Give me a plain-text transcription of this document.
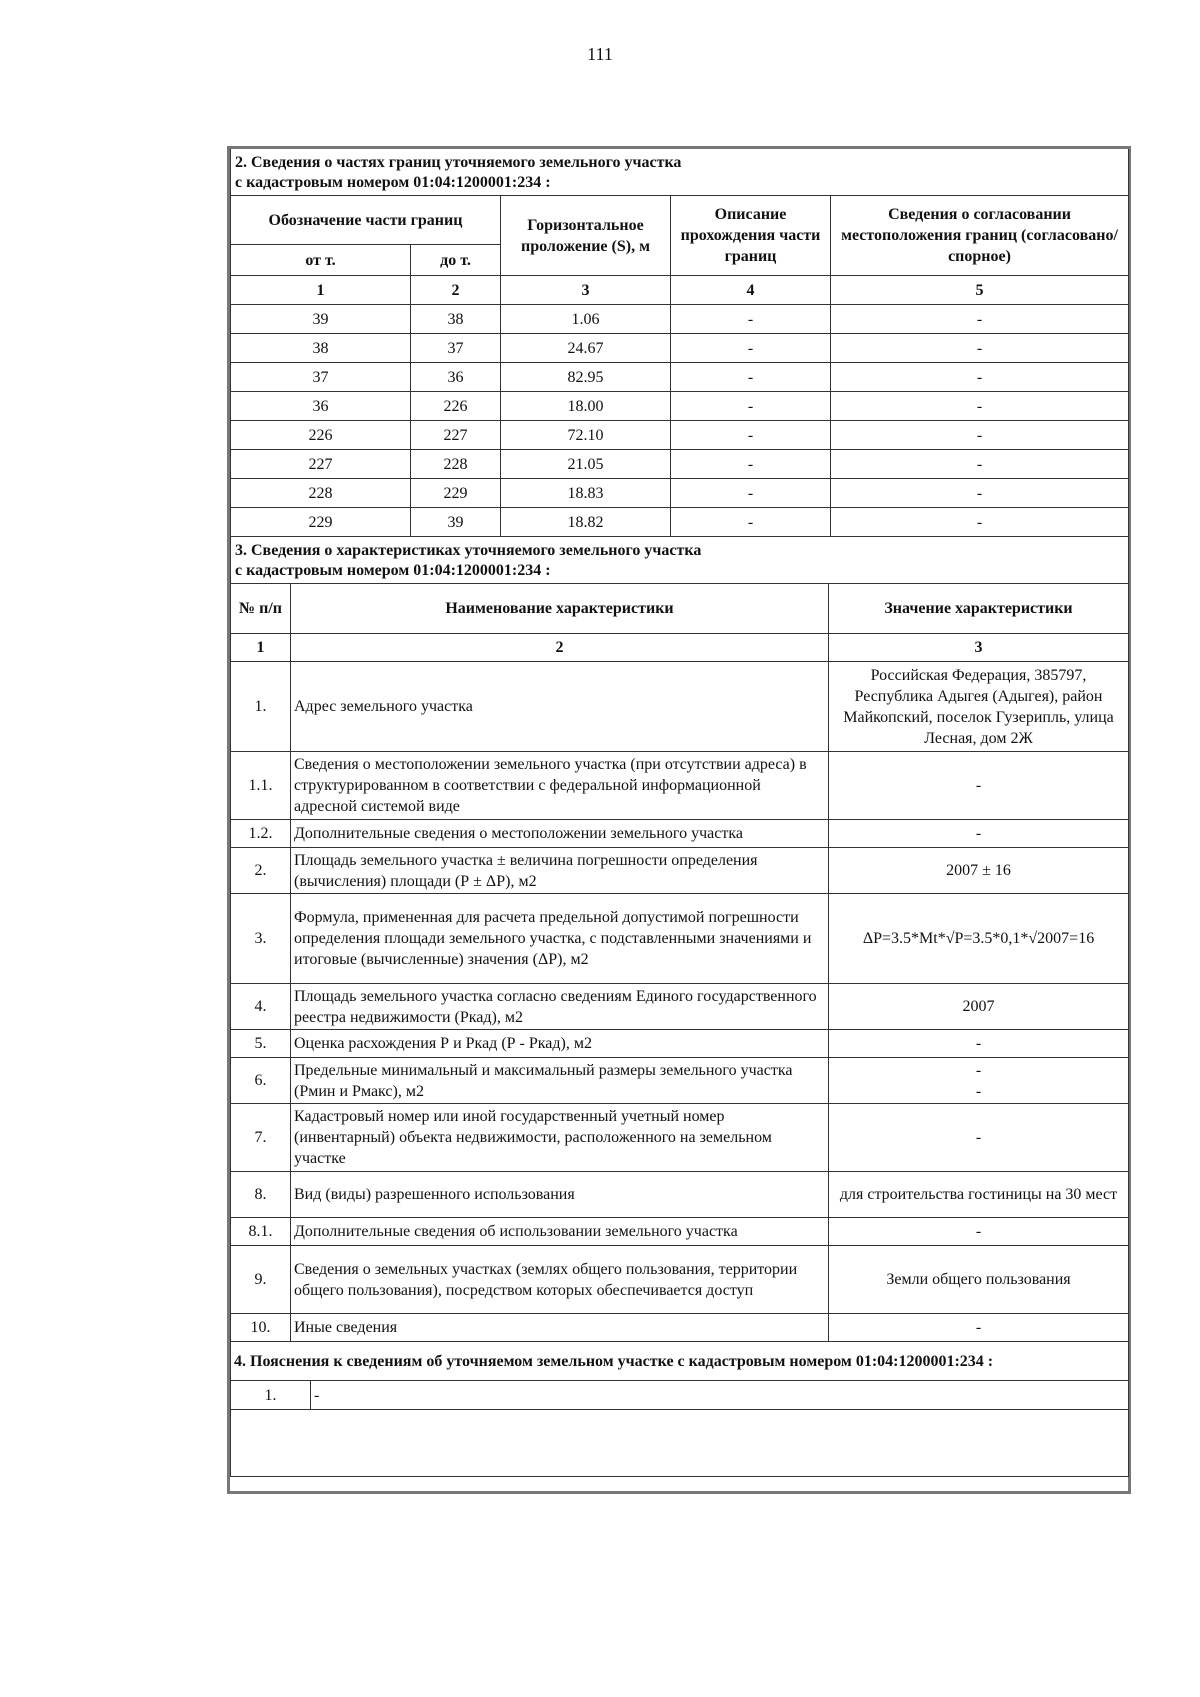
111
2. Сведения о частях границ уточняемого земельного участка
с кадастровым номером 01:04:1200001:234 :				

Обозначение части границ		Горизонтальное проложение (S), м	Описание прохождения части границ	Сведения о согласовании местоположения границ (согласовано/спорное)
от т.	до т.			
1	2	3	4	5
39	38	1.06	-	-
38	37	24.67	-	-
37	36	82.95	-	-
36	226	18.00	-	-
226	227	72.10	-	-
227	228	21.05	-	-
228	229	18.83	-	-
229	39	18.82	-	-
3. Сведения о характеристиках уточняемого земельного участка
с кадастровым номером 01:04:1200001:234 :		

№ п/п	Наименование характеристики	Значение характеристики
1	2	3
1.	Адрес земельного участка	Российская Федерация, 385797, Республика Адыгея (Адыгея), район Майкопский, поселок Гузерипль, улица Лесная, дом 2Ж
1.1.	Сведения о местоположении земельного участка (при отсутствии адреса) в структурированном в соответствии с федеральной информационной адресной системой виде	-
1.2.	Дополнительные сведения о местоположении земельного участка	-
2.	Площадь земельного участка ± величина погрешности определения (вычисления) площади (Р ± ΔР), м2	2007 ± 16
3.	Формула, примененная для расчета предельной допустимой погрешности определения площади земельного участка, с подставленными значениями и итоговые (вычисленные) значения (ΔР), м2	ΔP=3.5*Mt*√P=3.5*0,1*√2007=16
4.	Площадь земельного участка согласно сведениям Единого государственного реестра недвижимости (Ркад), м2	2007
5.	Оценка расхождения Р и Ркад (Р - Ркад), м2	-
6.	Предельные минимальный и максимальный размеры земельного участка (Рмин и Рмакс), м2	-
-
7.	Кадастровый номер или иной государственный учетный номер (инвентарный) объекта недвижимости, расположенного на земельном участке	-
8.	Вид (виды) разрешенного использования	для строительства гостиницы на 30 мест
8.1.	Дополнительные сведения об использовании земельного участка	-
9.	Сведения о земельных участках (землях общего пользования, территории общего пользования), посредством которых обеспечивается доступ	Земли общего пользования
10.	Иные сведения	-
4. Пояснения к сведениям об уточняемом земельном участке с кадастровым номером 01:04:1200001:234 :
1.	-
